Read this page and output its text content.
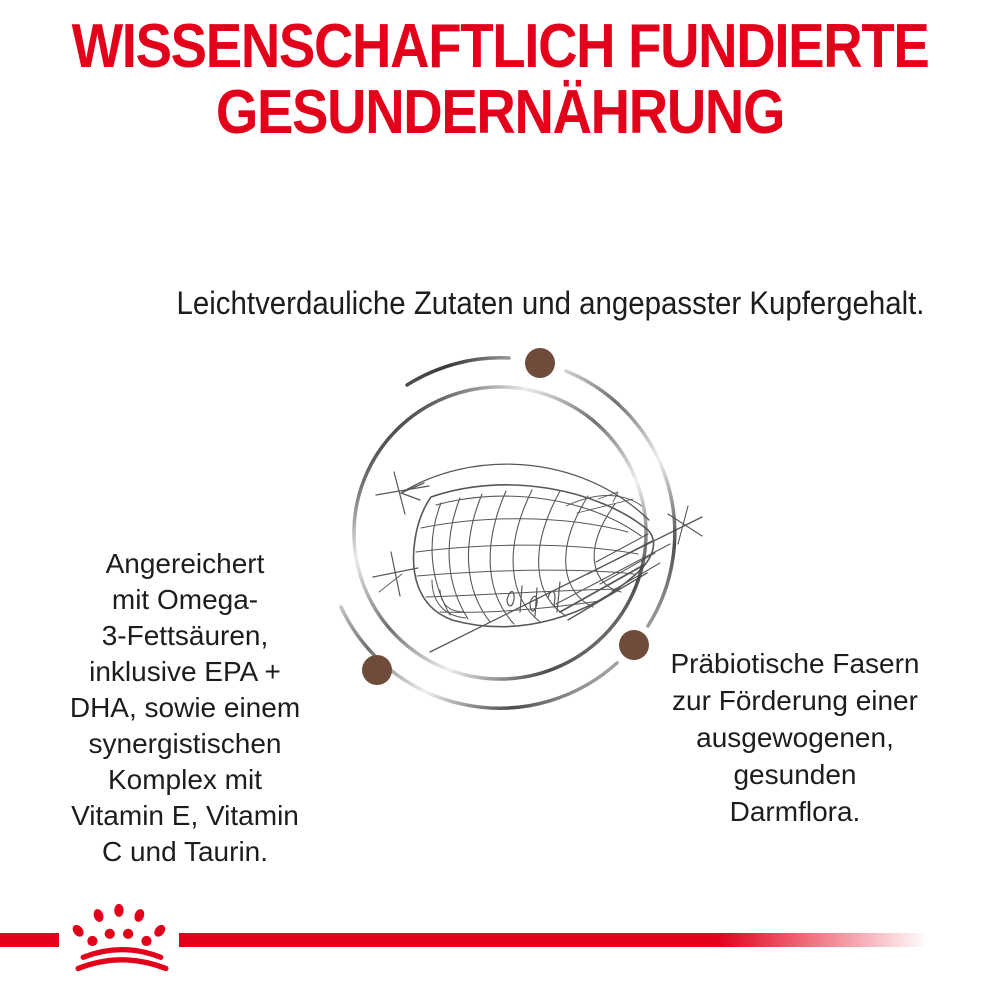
WISSENSCHAFTLICH FUNDIERTE
GESUNDERNÄHRUNG
Leichtverdauliche Zutaten und angepasster Kupfergehalt.
Angereichert
mit Omega-
3-Fettsäuren,
inklusive EPA +
DHA, sowie einem
synergistischen
Komplex mit
Vitamin E, Vitamin
C und Taurin.
Präbiotische Fasern
zur Förderung einer
ausgewogenen,
gesunden
Darmflora.
